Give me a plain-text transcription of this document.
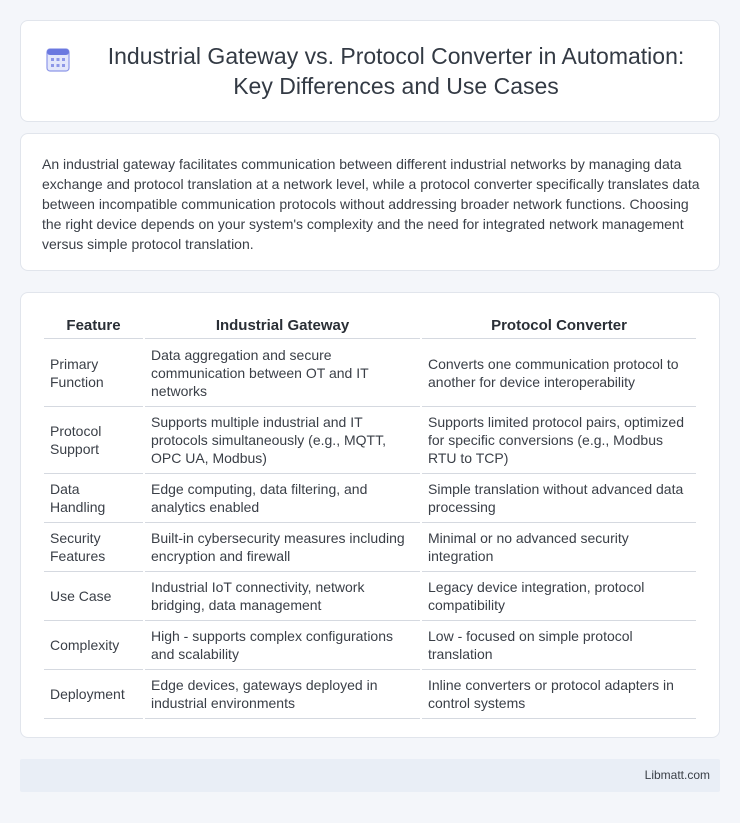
Industrial Gateway vs. Protocol Converter in Automation: Key Differences and Use Cases

An industrial gateway facilitates communication between different industrial networks by managing data exchange and protocol translation at a network level, while a protocol converter specifically translates data between incompatible communication protocols without addressing broader network functions. Choosing the right device depends on your system's complexity and the need for integrated network management versus simple protocol translation.

Feature	Industrial Gateway	Protocol Converter
Primary Function	Data aggregation and secure communication between OT and IT networks	Converts one communication protocol to another for device interoperability
Protocol Support	Supports multiple industrial and IT protocols simultaneously (e.g., MQTT, OPC UA, Modbus)	Supports limited protocol pairs, optimized for specific conversions (e.g., Modbus RTU to TCP)
Data Handling	Edge computing, data filtering, and analytics enabled	Simple translation without advanced data processing
Security Features	Built-in cybersecurity measures including encryption and firewall	Minimal or no advanced security integration
Use Case	Industrial IoT connectivity, network bridging, data management	Legacy device integration, protocol compatibility
Complexity	High - supports complex configurations and scalability	Low - focused on simple protocol translation
Deployment	Edge devices, gateways deployed in industrial environments	Inline converters or protocol adapters in control systems
Libmatt.com
